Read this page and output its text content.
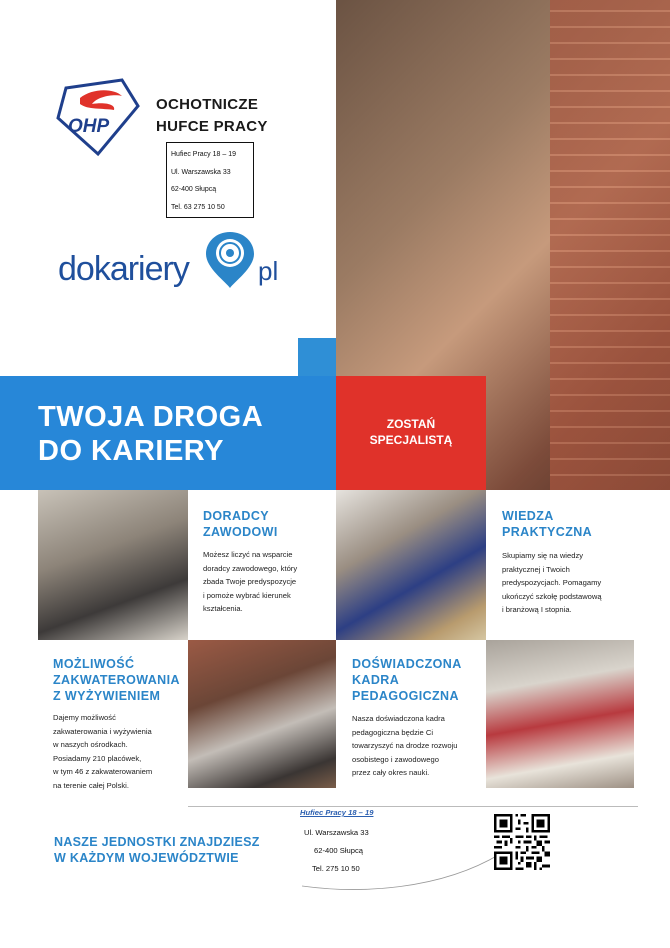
OHP
OCHOTNICZE
HUFCE PRACY
Hufiec Pracy 18 – 19
Ul. Warszawska 33
62-400 Słupcą
Tel. 63 275 10 50
dokariery	pl
TWOJA DROGA
DO KARIERY
ZOSTAŃ
SPECJALISTĄ
DORADCY
ZAWODOWI
Możesz liczyć na wsparcie
doradcy zawodowego, który
zbada Twoje predyspozycje
i pomoże wybrać kierunek
kształcenia.
WIEDZA
PRAKTYCZNA
Skupiamy się na wiedzy
praktycznej i Twoich
predyspozycjach. Pomagamy
ukończyć szkołę podstawową
i branżową I stopnia.
MOŻLIWOŚĆ
ZAKWATEROWANIA
Z WYŻYWIENIEM
Dajemy możliwość
zakwaterowania i wyżywienia
w naszych ośrodkach.
Posiadamy 210 placówek,
w tym 46 z zakwaterowaniem
na terenie całej Polski.
DOŚWIADCZONA
KADRA
PEDAGOGICZNA
Nasza doświadczona kadra
pedagogiczna będzie Ci
towarzyszyć na drodze rozwoju
osobistego i zawodowego
przez cały okres nauki.
NASZE JEDNOSTKI ZNAJDZIESZ
W KAŻDYM WOJEWÓDZTWIE
Hufiec Pracy 18 – 19
Ul. Warszawska 33
62-400 Słupcą
Tel. 275 10 50
